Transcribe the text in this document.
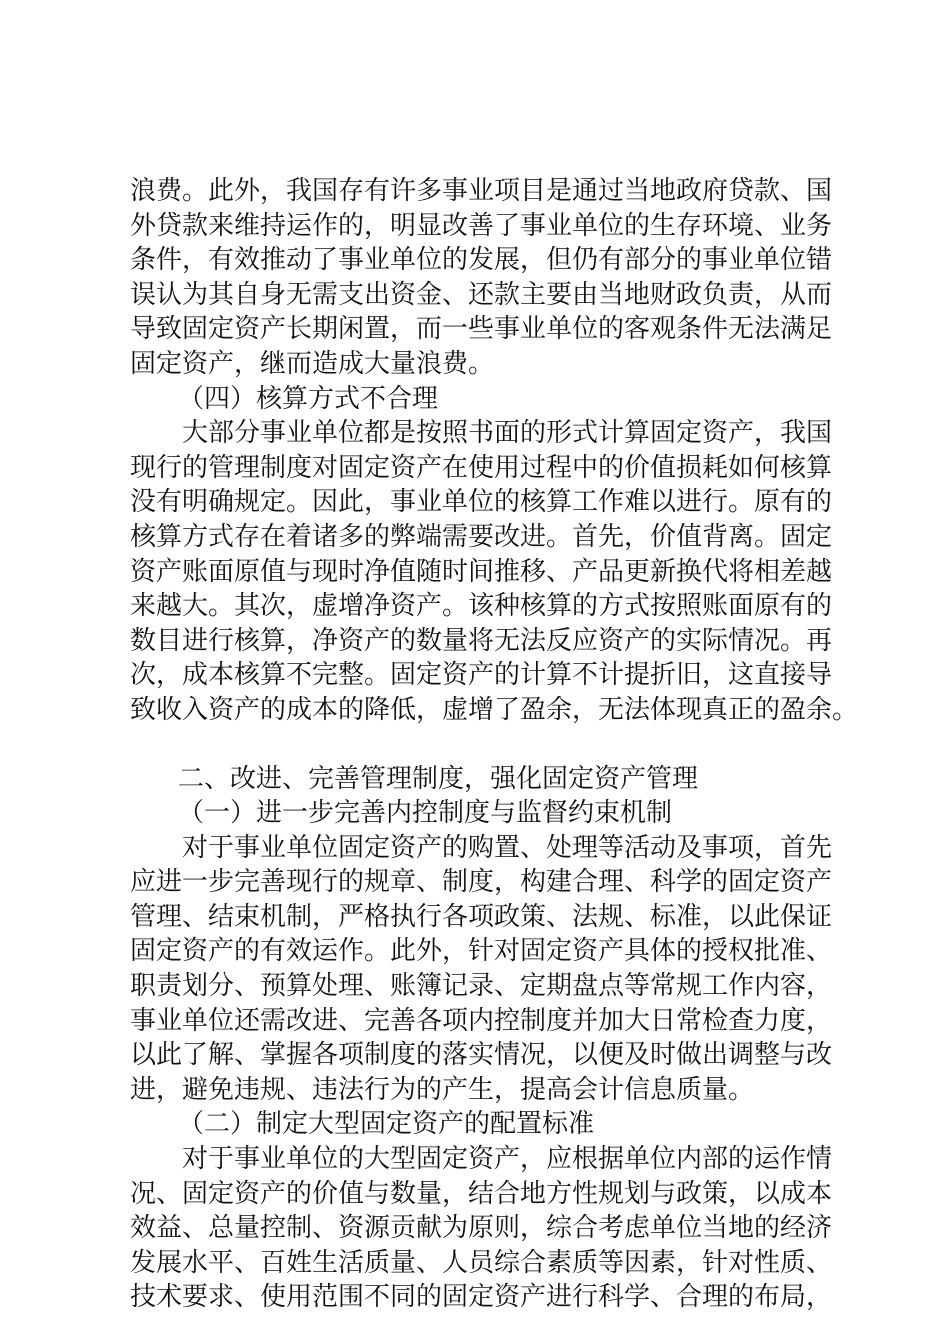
浪费。此外，我国存有许多事业项目是通过当地政府贷款、国
外贷款来维持运作的，明显改善了事业单位的生存环境、业务
条件，有效推动了事业单位的发展，但仍有部分的事业单位错
误认为其自身无需支出资金、还款主要由当地财政负责，从而
导致固定资产长期闲置，而一些事业单位的客观条件无法满足
固定资产，继而造成大量浪费。
（四）核算方式不合理
大部分事业单位都是按照书面的形式计算固定资产，我国
现行的管理制度对固定资产在使用过程中的价值损耗如何核算
没有明确规定。因此，事业单位的核算工作难以进行。原有的
核算方式存在着诸多的弊端需要改进。首先，价值背离。固定
资产账面原值与现时净值随时间推移、产品更新换代将相差越
来越大。其次，虚增净资产。该种核算的方式按照账面原有的
数目进行核算，净资产的数量将无法反应资产的实际情况。再
次，成本核算不完整。固定资产的计算不计提折旧，这直接导
致收入资产的成本的降低，虚增了盈余，无法体现真正的盈余。
二、改进、完善管理制度，强化固定资产管理
（一）进一步完善内控制度与监督约束机制
对于事业单位固定资产的购置、处理等活动及事项，首先
应进一步完善现行的规章、制度，构建合理、科学的固定资产
管理、结束机制，严格执行各项政策、法规、标准，以此保证
固定资产的有效运作。此外，针对固定资产具体的授权批准、
职责划分、预算处理、账簿记录、定期盘点等常规工作内容，
事业单位还需改进、完善各项内控制度并加大日常检查力度，
以此了解、掌握各项制度的落实情况，以便及时做出调整与改
进，避免违规、违法行为的产生，提高会计信息质量。
（二）制定大型固定资产的配置标准
对于事业单位的大型固定资产，应根据单位内部的运作情
况、固定资产的价值与数量，结合地方性规划与政策，以成本
效益、总量控制、资源贡献为原则，综合考虑单位当地的经济
发展水平、百姓生活质量、人员综合素质等因素，针对性质、
技术要求、使用范围不同的固定资产进行科学、合理的布局，
